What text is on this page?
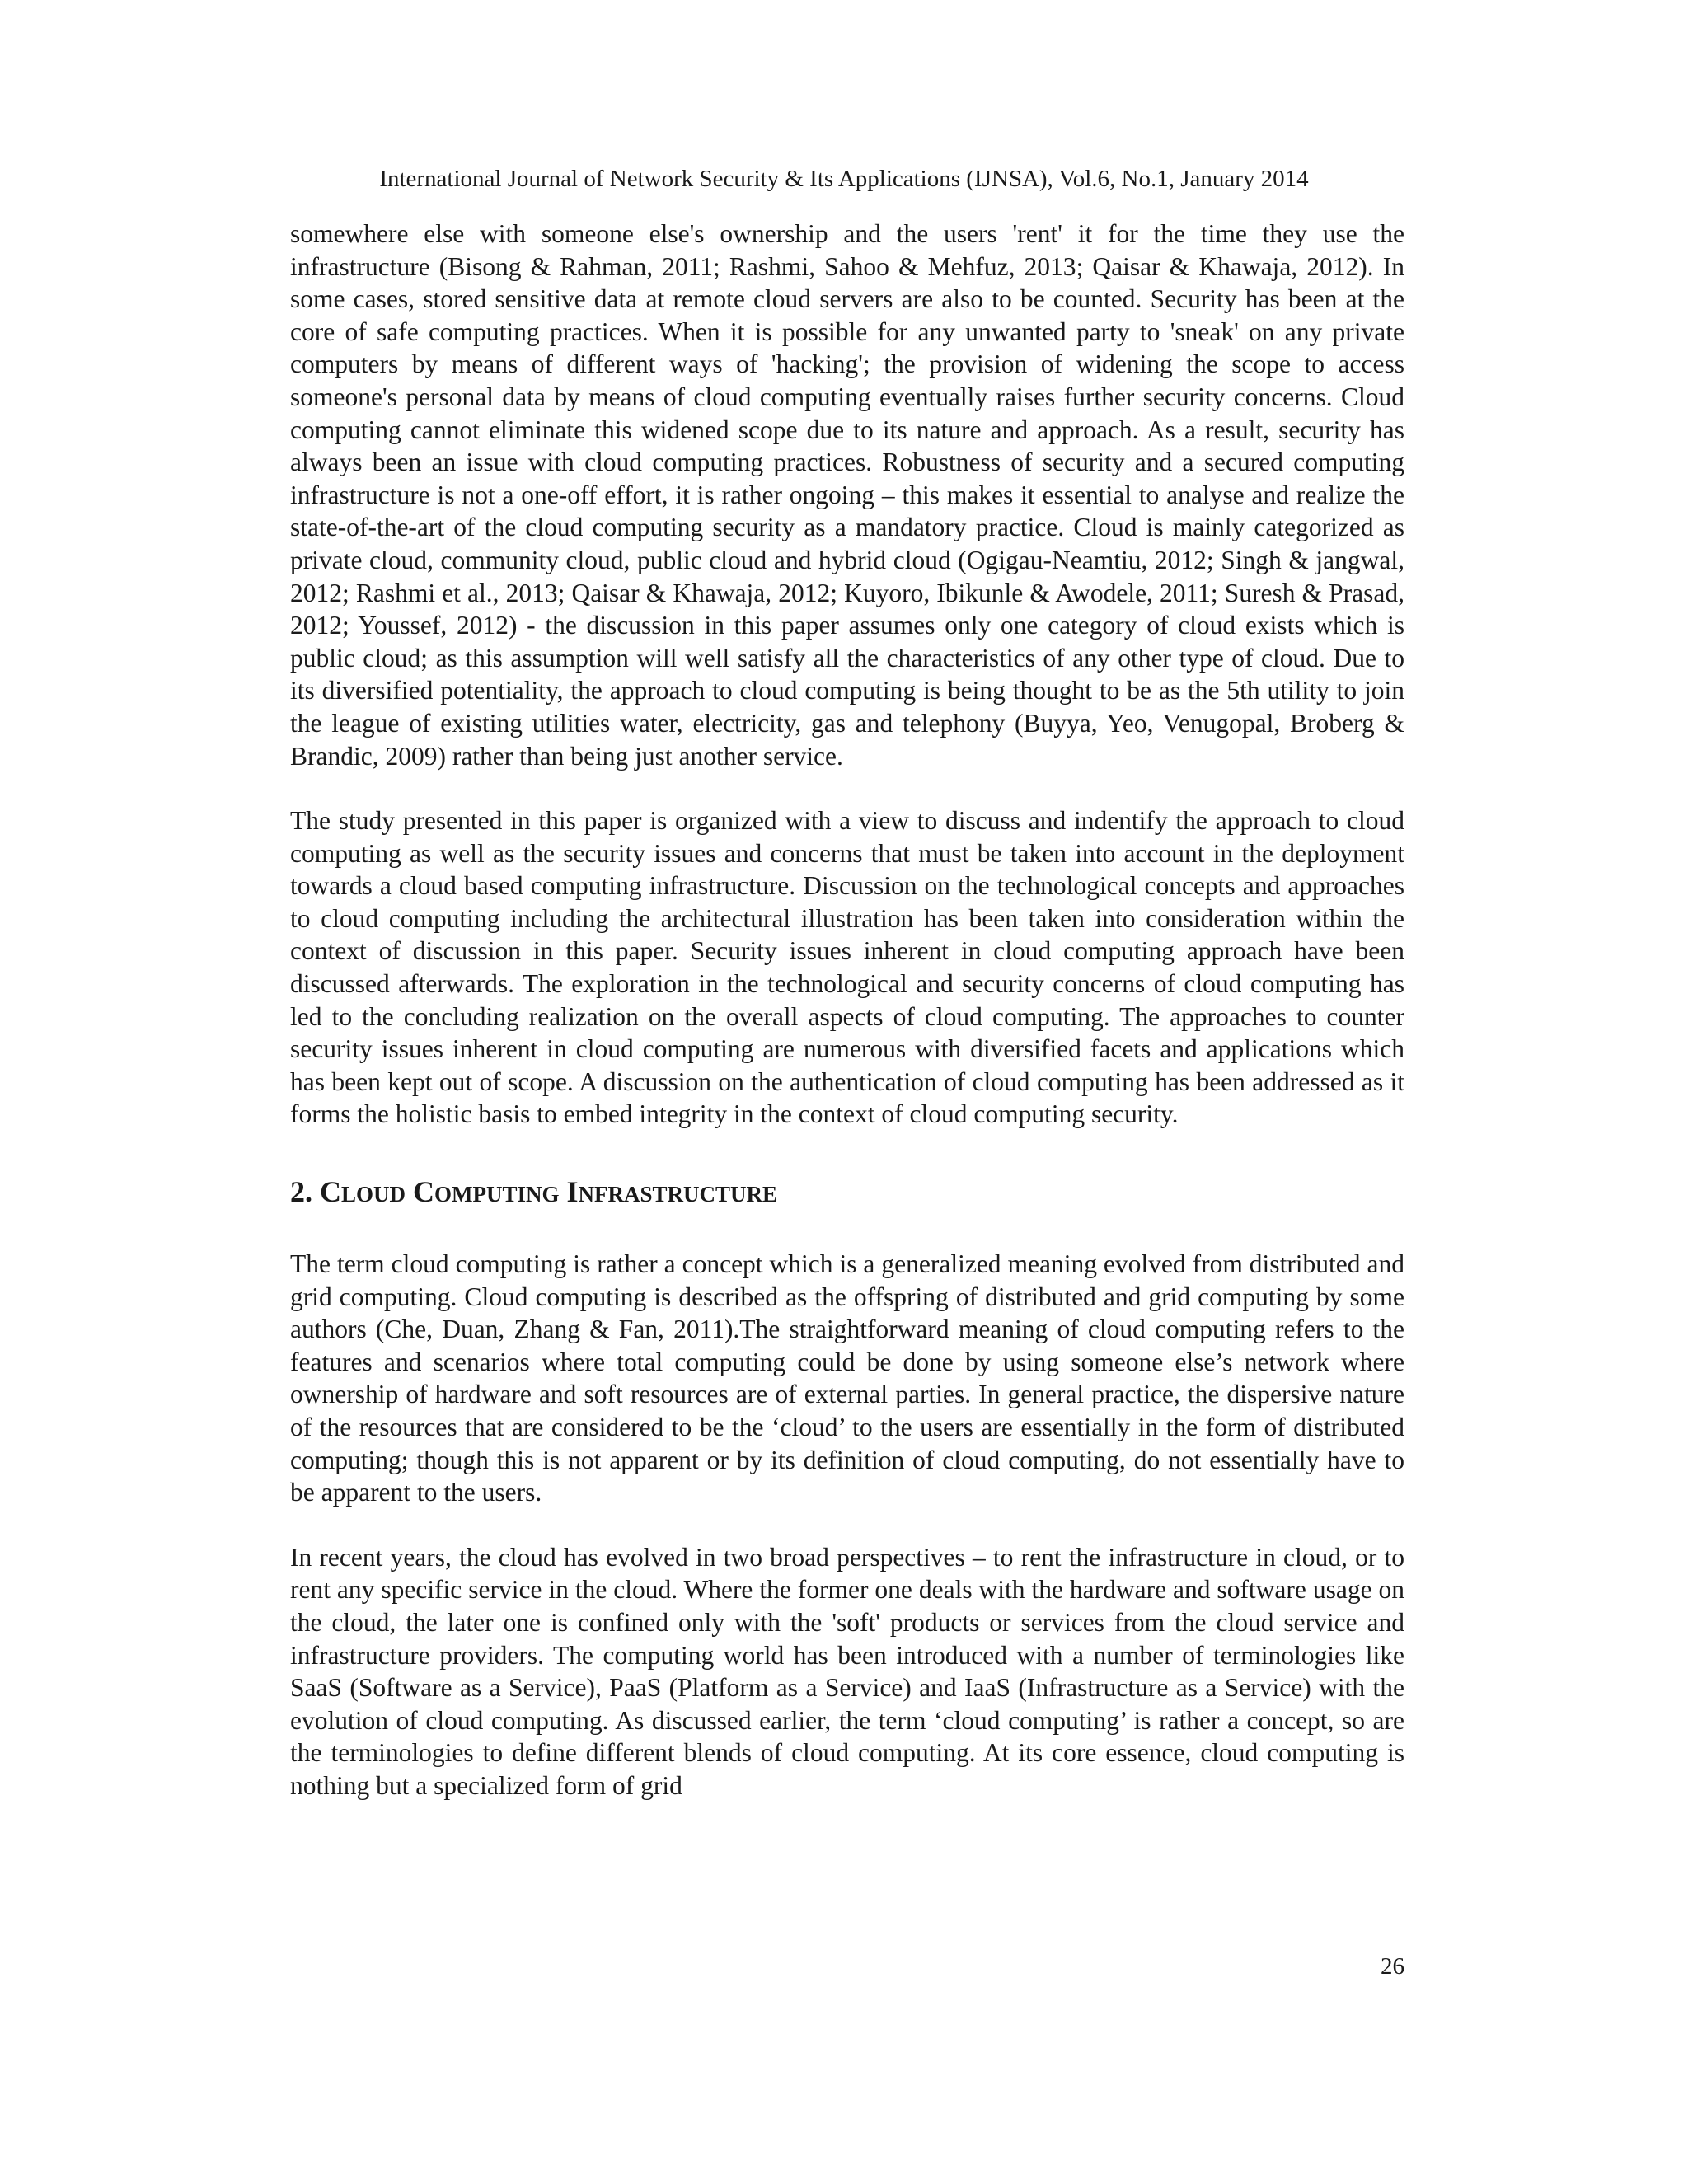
International Journal of Network Security & Its Applications (IJNSA), Vol.6, No.1, January 2014

somewhere else with someone else's ownership and the users 'rent' it for the time they use the infrastructure (Bisong & Rahman, 2011; Rashmi, Sahoo & Mehfuz, 2013; Qaisar & Khawaja, 2012). In some cases, stored sensitive data at remote cloud servers are also to be counted. Security has been at the core of safe computing practices. When it is possible for any unwanted party to 'sneak' on any private computers by means of different ways of 'hacking'; the provision of widening the scope to access someone's personal data by means of cloud computing eventually raises further security concerns. Cloud computing cannot eliminate this widened scope due to its nature and approach. As a result, security has always been an issue with cloud computing practices. Robustness of security and a secured computing infrastructure is not a one-off effort, it is rather ongoing – this makes it essential to analyse and realize the state-of-the-art of the cloud computing security as a mandatory practice. Cloud is mainly categorized as private cloud, community cloud, public cloud and hybrid cloud (Ogigau-Neamtiu, 2012; Singh & jangwal, 2012; Rashmi et al., 2013; Qaisar & Khawaja, 2012; Kuyoro, Ibikunle & Awodele, 2011; Suresh & Prasad, 2012; Youssef, 2012) - the discussion in this paper assumes only one category of cloud exists which is public cloud; as this assumption will well satisfy all the characteristics of any other type of cloud. Due to its diversified potentiality, the approach to cloud computing is being thought to be as the 5th utility to join the league of existing utilities water, electricity, gas and telephony (Buyya, Yeo, Venugopal, Broberg & Brandic, 2009) rather than being just another service.

The study presented in this paper is organized with a view to discuss and indentify the approach to cloud computing as well as the security issues and concerns that must be taken into account in the deployment towards a cloud based computing infrastructure. Discussion on the technological concepts and approaches to cloud computing including the architectural illustration has been taken into consideration within the context of discussion in this paper. Security issues inherent in cloud computing approach have been discussed afterwards. The exploration in the technological and security concerns of cloud computing has led to the concluding realization on the overall aspects of cloud computing. The approaches to counter security issues inherent in cloud computing are numerous with diversified facets and applications which has been kept out of scope. A discussion on the authentication of cloud computing has been addressed as it forms the holistic basis to embed integrity in the context of cloud computing security.

2. CLOUD COMPUTING INFRASTRUCTURE

The term cloud computing is rather a concept which is a generalized meaning evolved from distributed and grid computing. Cloud computing is described as the offspring of distributed and grid computing by some authors (Che, Duan, Zhang & Fan, 2011).The straightforward meaning of cloud computing refers to the features and scenarios where total computing could be done by using someone else’s network where ownership of hardware and soft resources are of external parties. In general practice, the dispersive nature of the resources that are considered to be the ‘cloud’ to the users are essentially in the form of distributed computing; though this is not apparent or by its definition of cloud computing, do not essentially have to be apparent to the users.

In recent years, the cloud has evolved in two broad perspectives – to rent the infrastructure in cloud, or to rent any specific service in the cloud. Where the former one deals with the hardware and software usage on the cloud, the later one is confined only with the 'soft' products or services from the cloud service and infrastructure providers. The computing world has been introduced with a number of terminologies like SaaS (Software as a Service), PaaS (Platform as a Service) and IaaS (Infrastructure as a Service) with the evolution of cloud computing. As discussed earlier, the term ‘cloud computing’ is rather a concept, so are the terminologies to define different blends of cloud computing. At its core essence, cloud computing is nothing but a specialized form of grid

26
